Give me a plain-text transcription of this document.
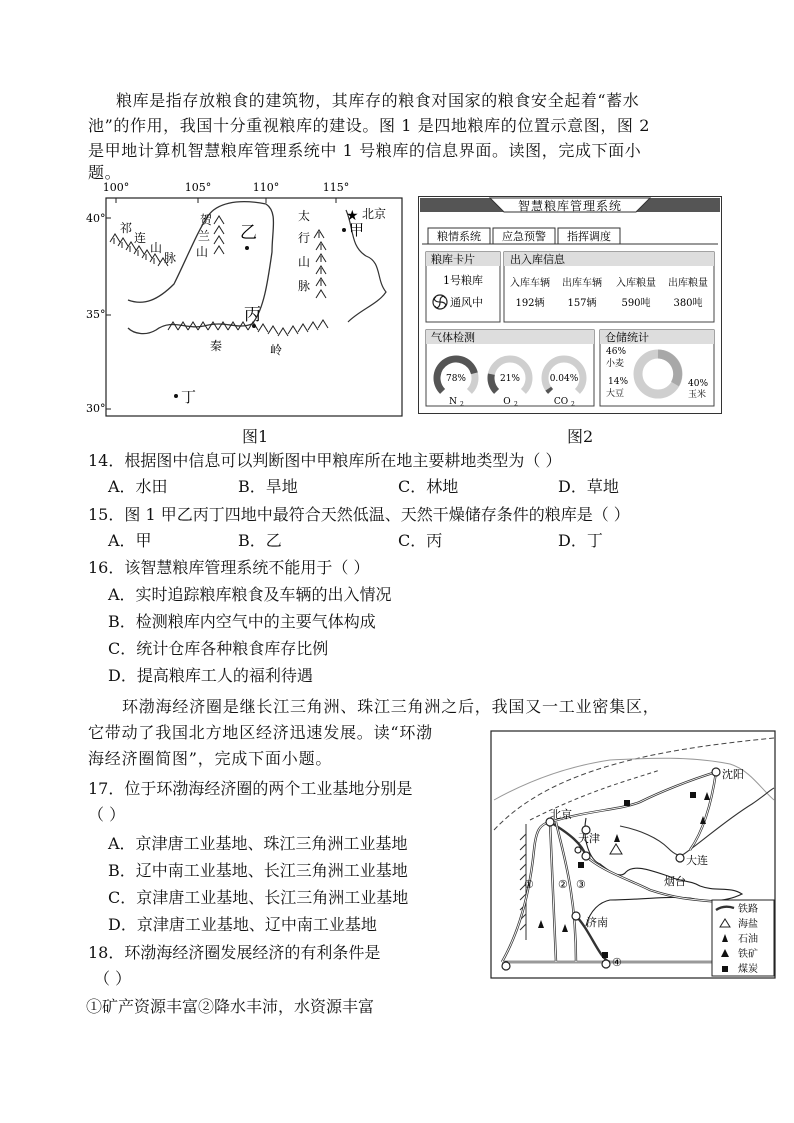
粮库是指存放粮食的建筑物，其库存的粮食对国家的粮食安全起着“蓄水
池”的作用，我国十分重视粮库的建设。图 1 是四地粮库的位置示意图，图 2
是甲地计算机智慧粮库管理系统中 1 号粮库的信息界面。读图，完成下面小
题。
100°	105°	110°	115°
40°
35°
30°
祁
连
山
脉
贺
兰
山
太
行
山
脉
秦	岭
★ 北京
甲
乙
丙
丁
图1
智慧粮库管理系统
粮情系统 应急预警 指挥调度
粮库卡片
1号粮库
通风中
出入库信息
入库车辆 出库车辆 入库粮量 出库粮量
192辆 157辆 590吨 380吨
气体检测
78%
N 2
21%
O 2
0.04%
CO 2
仓储统计
46%
小麦
14%
大豆
40%
玉米
图2
14．根据图中信息可以判断图中甲粮库所在地主要耕地类型为（ ）
A．水田	B．旱地	C．林地	D．草地
15．图 1 甲乙丙丁四地中最符合天然低温、天然干燥储存条件的粮库是（ ）
A．甲	B．乙	C．丙	D．丁
16．该智慧粮库管理系统不能用于（ ）
A．实时追踪粮库粮食及车辆的出入情况
B．检测粮库内空气中的主要气体构成
C．统计仓库各种粮食库存比例
D．提高粮库工人的福利待遇
环渤海经济圈是继长江三角洲、珠江三角洲之后，我国又一工业密集区，
它带动了我国北方地区经济迅速发展。读“环渤
海经济圈简图”，完成下面小题。
沈阳
北京
天津
大连
烟台
济南
① ② ③
④
铁路
海盐
石油
铁矿
煤炭
17．位于环渤海经济圈的两个工业基地分别是
（ ）
A．京津唐工业基地、珠江三角洲工业基地
B．辽中南工业基地、长江三角洲工业基地
C．京津唐工业基地、长江三角洲工业基地
D．京津唐工业基地、辽中南工业基地
18．环渤海经济圈发展经济的有利条件是
（ ）
①矿产资源丰富②降水丰沛，水资源丰富
